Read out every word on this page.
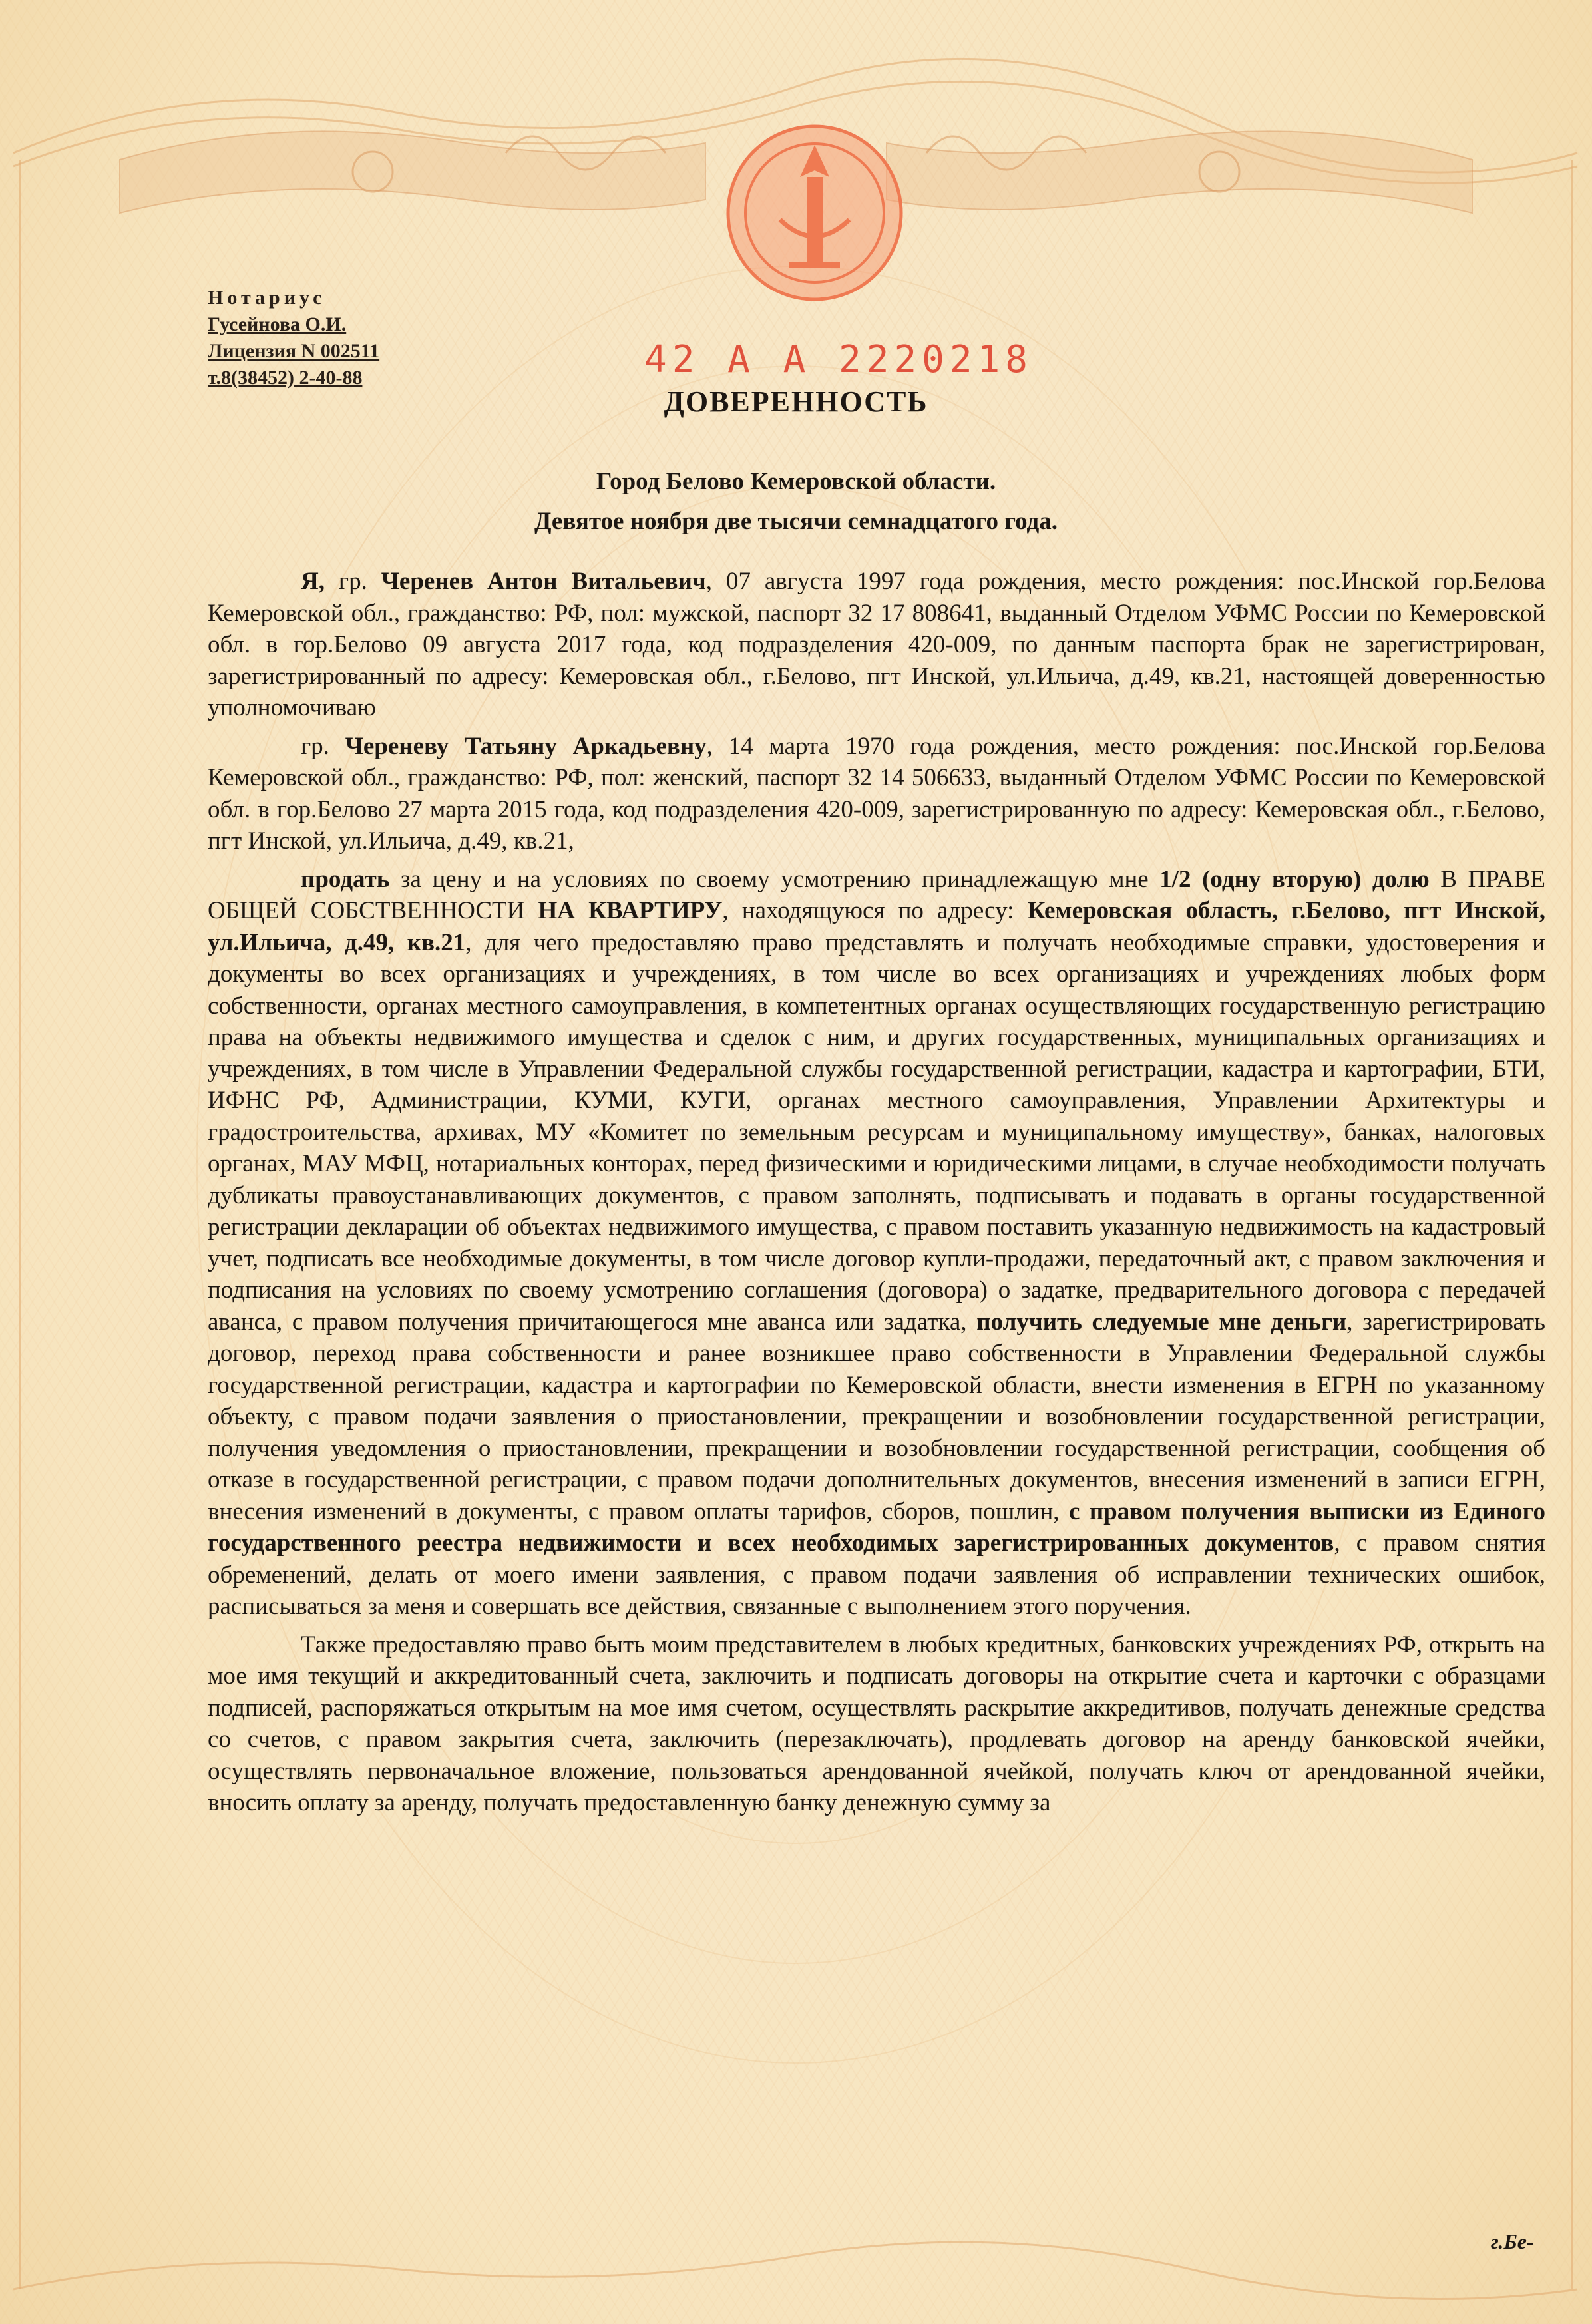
Нотариус
Гусейнова О.И.
Лицензия N 002511
т.8(38452) 2-40-88	42 А А 2220218
ДОВЕРЕННОСТЬ
Город Белово Кемеровской области.
Девятое ноября две тысячи семнадцатого года.

Я, гр. Черенев Антон Витальевич, 07 августа 1997 года рождения, место рождения: пос.Инской гор.Белова Кемеровской обл., гражданство: РФ, пол: мужской, паспорт 32 17 808641, выданный Отделом УФМС России по Кемеровской обл. в гор.Белово 09 августа 2017 года, код подразделения 420-009, по данным паспорта брак не зарегистрирован, зарегистрированный по адресу: Кемеровская обл., г.Белово, пгт Инской, ул.Ильича, д.49, кв.21, настоящей доверенностью уполномочиваю

гр. Череневу Татьяну Аркадьевну, 14 марта 1970 года рождения, место рождения: пос.Инской гор.Белова Кемеровской обл., гражданство: РФ, пол: женский, паспорт 32 14 506633, выданный Отделом УФМС России по Кемеровской обл. в гор.Белово 27 марта 2015 года, код подразделения 420-009, зарегистрированную по адресу: Кемеровская обл., г.Белово, пгт Инской, ул.Ильича, д.49, кв.21,

продать за цену и на условиях по своему усмотрению принадлежащую мне 1/2 (одну вторую) долю В ПРАВЕ ОБЩЕЙ СОБСТВЕННОСТИ НА КВАРТИРУ, находящуюся по адресу: Кемеровская область, г.Белово, пгт Инской, ул.Ильича, д.49, кв.21, для чего предоставляю право представлять и получать необходимые справки, удостоверения и документы во всех организациях и учреждениях, в том числе во всех организациях и учреждениях любых форм собственности, органах местного самоуправления, в компетентных органах осуществляющих государственную регистрацию права на объекты недвижимого имущества и сделок с ним, и других государственных, муниципальных организациях и учреждениях, в том числе в Управлении Федеральной службы государственной регистрации, кадастра и картографии, БТИ, ИФНС РФ, Администрации, КУМИ, КУГИ, органах местного самоуправления, Управлении Архитектуры и градостроительства, архивах, МУ «Комитет по земельным ресурсам и муниципальному имуществу», банках, налоговых органах, МАУ МФЦ, нотариальных конторах, перед физическими и юридическими лицами, в случае необходимости получать дубликаты правоустанавливающих документов, с правом заполнять, подписывать и подавать в органы государственной регистрации декларации об объектах недвижимого имущества, с правом поставить указанную недвижимость на кадастровый учет, подписать все необходимые документы, в том числе договор купли-продажи, передаточный акт, с правом заключения и подписания на условиях по своему усмотрению соглашения (договора) о задатке, предварительного договора с передачей аванса, с правом получения причитающегося мне аванса или задатка, получить следуемые мне деньги, зарегистрировать договор, переход права собственности и ранее возникшее право собственности в Управлении Федеральной службы государственной регистрации, кадастра и картографии по Кемеровской области, внести изменения в ЕГРН по указанному объекту, с правом подачи заявления о приостановлении, прекращении и возобновлении государственной регистрации, получения уведомления о приостановлении, прекращении и возобновлении государственной регистрации, сообщения об отказе в государственной регистрации, с правом подачи дополнительных документов, внесения изменений в записи ЕГРН, внесения изменений в документы, с правом оплаты тарифов, сборов, пошлин, с правом получения выписки из Единого государственного реестра недвижимости и всех необходимых зарегистрированных документов, с правом снятия обременений, делать от моего имени заявления, с правом подачи заявления об исправлении технических ошибок, расписываться за меня и совершать все действия, связанные с выполнением этого поручения.

Также предоставляю право быть моим представителем в любых кредитных, банковских учреждениях РФ, открыть на мое имя текущий и аккредитованный счета, заключить и подписать договоры на открытие счета и карточки с образцами подписей, распоряжаться открытым на мое имя счетом, осуществлять раскрытие аккредитивов, получать денежные средства со счетов, с правом закрытия счета, заключить (перезаключать), продлевать договор на аренду банковской ячейки, осуществлять первоначальное вложение, пользоваться арендованной ячейкой, получать ключ от арендованной ячейки, вносить оплату за аренду, получать предоставленную банку денежную сумму за

г.Бе-
